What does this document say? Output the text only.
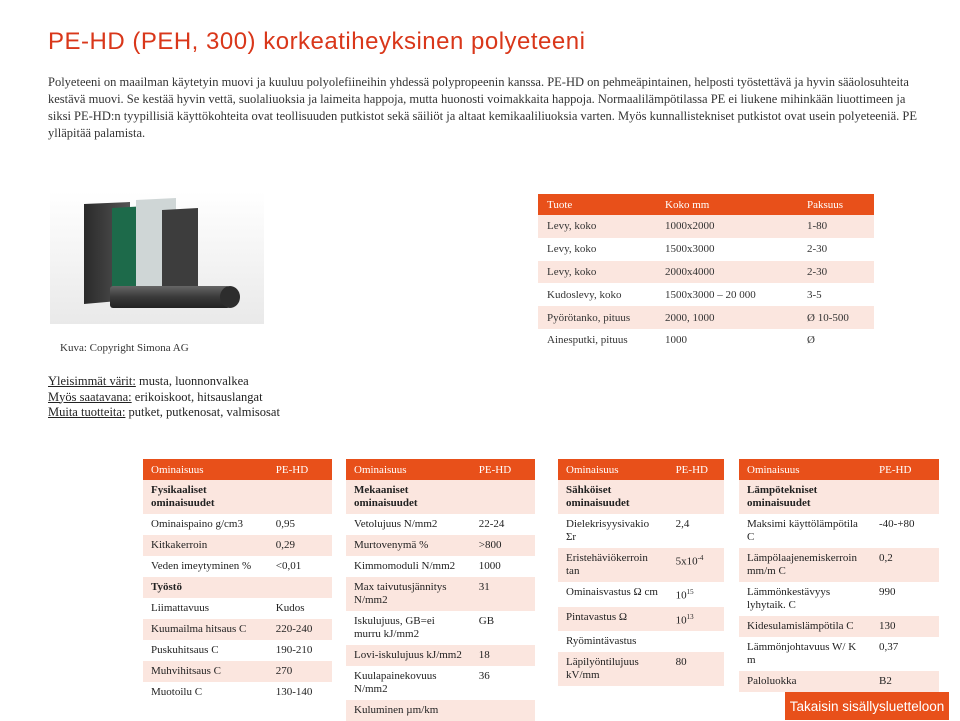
PE-HD (PEH, 300) korkeatiheyksinen polyeteeni
Polyeteeni on maailman käytetyin muovi ja kuuluu polyolefiineihin yhdessä polypropeenin kanssa. PE-HD on pehmeäpintainen, helposti työstettävä ja hyvin sääolosuhteita kestävä muovi. Se kestää hyvin vettä, suolaliuoksia ja laimeita happoja, mutta huonosti voimakkaita happoja. Normaalilämpötilassa PE ei liukene mihinkään liuottimeen ja siksi PE-HD:n tyypillisiä käyttökohteita ovat teollisuuden putkistot sekä säiliöt ja altaat kemikaaliliuoksia varten. Myös kunnallistekniset putkistot ovat usein polyeteeniä. PE ylläpitää palamista.
Kuva: Copyright Simona AG
Yleisimmät värit: musta, luonnonvalkea
Myös saatavana: erikoiskoot, hitsauslangat
Muita tuotteita: putket, putkenosat, valmisosat
Tuote	Koko mm	Paksuus
Levy, koko	1000x2000	1-80
Levy, koko	1500x3000	2-30
Levy, koko	2000x4000	2-30
Kudoslevy, koko	1500x3000 – 20 000	3-5
Pyörötanko, pituus	2000, 1000	Ø 10-500
Ainesputki, pituus	1000	Ø
Ominaisuus	PE-HD
Fysikaaliset ominaisuudet	
Ominaispaino g/cm3	0,95
Kitkakerroin	0,29
Veden imeytyminen %	<0,01
Työstö	
Liimattavuus	Kudos
Kuumailma hitsaus C	220-240
Puskuhitsaus C	190-210
Muhvihitsaus C	270
Muotoilu C	130-140
Ominaisuus	PE-HD
Mekaaniset ominaisuudet	
Vetolujuus N/mm2	22-24
Murtovenymä %	>800
Kimmomoduli N/mm2	1000
Max taivutusjännitys N/mm2	31
Iskulujuus, GB=ei murru kJ/mm2	GB
Lovi-iskulujuus kJ/mm2	18
Kuulapainekovuus N/mm2	36
Kuluminen µm/km	
Ominaisuus	PE-HD
Sähköiset ominaisuudet	
Dielekrisyysivakio Σr	2,4
Eristehäviökerroin tan	$5x10^{-4}$
Ominaisvastus Ω cm	$10^{15}$
Pintavastus Ω	$10^{13}$
Ryömintävastus	
Läpilyöntilujuus kV/mm	80
Ominaisuus	PE-HD
Lämpötekniset ominaisuudet	
Maksimi käyttölämpötila C	-40-+80
Lämpölaajenemiskerroin mm/m C	0,2
Lämmönkestävyys lyhytaik. C	990
Kidesulamislämpötila C	130
Lämmönjohtavuus W/ K m	0,37
Paloluokka	B2
Takaisin sisällysluetteloon
